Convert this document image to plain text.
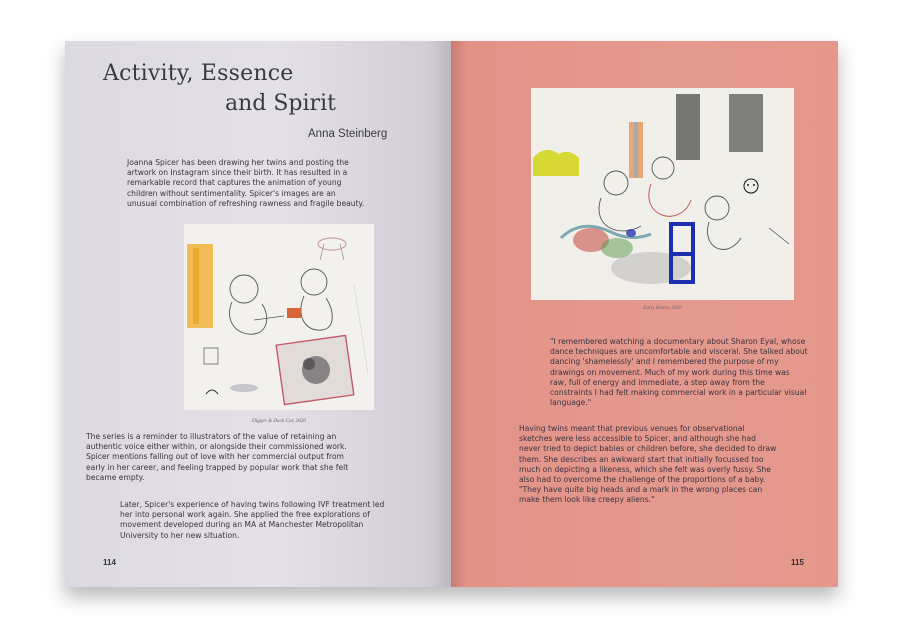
Activity, Essence
and Spirit
Anna Steinberg

Joanna Spicer has been drawing her twins and posting the artwork on Instagram since their birth. It has resulted in a remarkable record that captures the animation of young children without sentimentality. Spicer's images are an unusual combination of refreshing rawness and fragile beauty.

Digger & Duck Car, 2020

The series is a reminder to illustrators of the value of retaining an authentic voice either within, or alongside their commissioned work. Spicer mentions falling out of love with her commercial output from early in her career, and feeling trapped by popular work that she felt became empty.

Later, Spicer's experience of having twins following IVF treatment led her into personal work again. She applied the free explorations of movement developed during an MA at Manchester Metropolitan University to her new situation.

114
Early Risers, 2020

"I remembered watching a documentary about Sharon Eyal, whose dance techniques are uncomfortable and visceral. She talked about dancing 'shamelessly' and I remembered the purpose of my drawings on movement. Much of my work during this time was raw, full of energy and immediate, a step away from the constraints I had felt making commercial work in a particular visual language."

Having twins meant that previous venues for observational sketches were less accessible to Spicer, and although she had never tried to depict babies or children before, she decided to draw them. She describes an awkward start that initially focussed too much on depicting a likeness, which she felt was overly fussy. She also had to overcome the challenge of the proportions of a baby. "They have quite big heads and a mark in the wrong places can make them look like creepy aliens."

115
